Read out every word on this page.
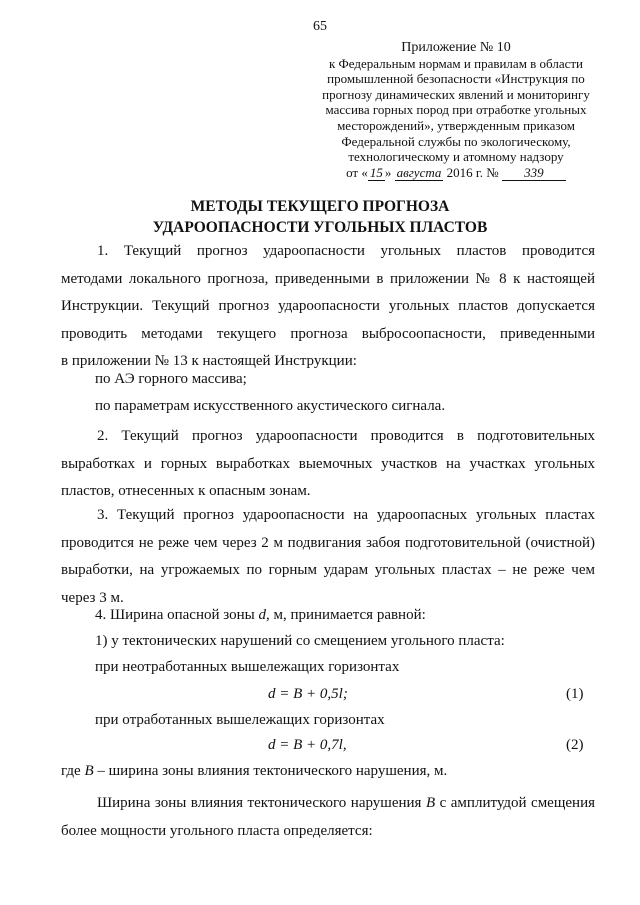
65
Приложение № 10
к Федеральным нормам и правилам в области
промышленной безопасности «Инструкция по
прогнозу динамических явлений и мониторингу
массива горных пород при отработке угольных
месторождений», утвержденным приказом
Федеральной службы по экологическому,
технологическому и атомному надзору
от « 15 » августа 2016 г. № 339
МЕТОДЫ ТЕКУЩЕГО ПРОГНОЗА
УДАРООПАСНОСТИ УГОЛЬНЫХ ПЛАСТОВ
1. Текущий прогноз удароопасности угольных пластов проводится
методами локального прогноза, приведенными в приложении № 8 к настоящей
Инструкции. Текущий прогноз удароопасности угольных пластов допускается
проводить методами текущего прогноза выбросоопасности, приведенными
в приложении № 13 к настоящей Инструкции:
по АЭ горного массива;
по параметрам искусственного акустического сигнала.
2. Текущий прогноз удароопасности проводится в подготовительных
выработках и горных выработках выемочных участков на участках угольных
пластов, отнесенных к опасным зонам.
3. Текущий прогноз удароопасности на удароопасных угольных пластах
проводится не реже чем через 2 м подвигания забоя подготовительной (очистной)
выработки, на угрожаемых по горным ударам угольных пластах – не реже чем
через 3 м.
4. Ширина опасной зоны d, м, принимается равной:
1) у тектонических нарушений со смещением угольного пласта:
при неотработанных вышележащих горизонтах
d = B + 0,5l;	(1)
при отработанных вышележащих горизонтах
d = B + 0,7l,	(2)
где B – ширина зоны влияния тектонического нарушения, м.
Ширина зоны влияния тектонического нарушения B с амплитудой смещения
более мощности угольного пласта определяется:
